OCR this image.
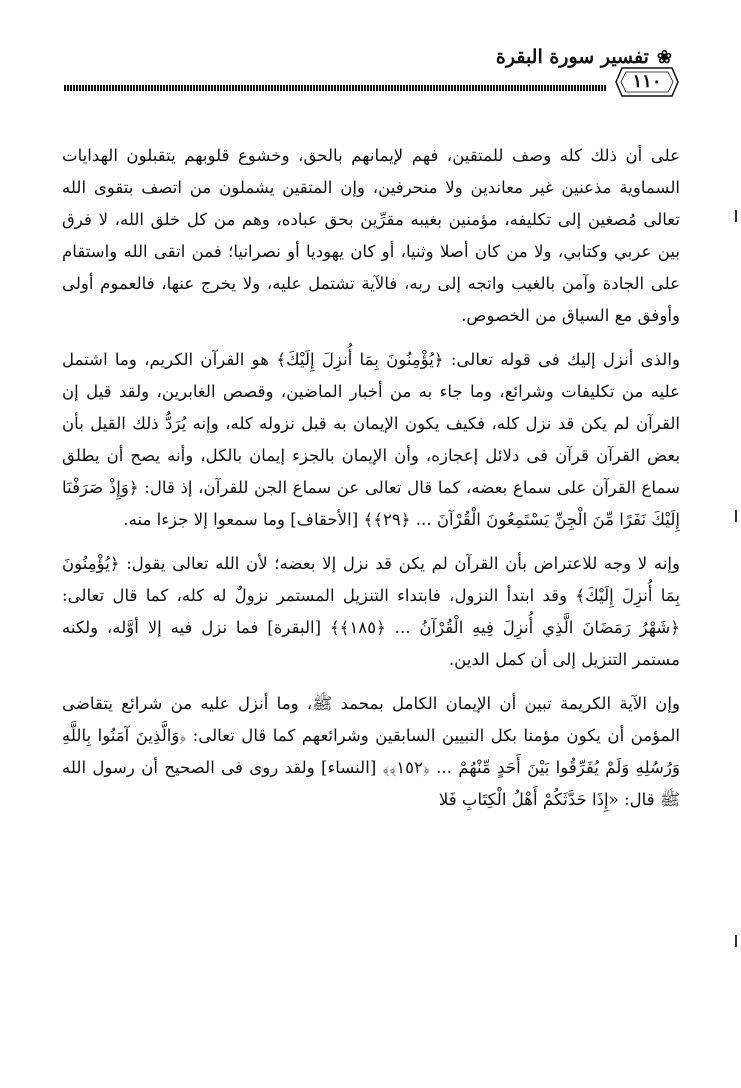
❀تفسير سورة البقرة
١١٠

على أن ذلك كله وصف للمتقين، فهم لإيمانهم بالحق، وخشوع قلوبهم يتقبلون الهدايات السماوية مذعنين غير معاندين ولا منحرفين، وإن المتقين يشملون من اتصف بتقوى الله تعالى مُصغين إلى تكليفه، مؤمنين بغيبه مقرِّين بحق عباده، وهم من كل خلق الله، لا فرق بين عربي وكتابي، ولا من كان أصلا وثنيا، أو كان يهوديا أو نصرانيا؛ فمن اتقى الله واستقام على الجادة وآمن بالغيب واتجه إلى ربه، فالآية تشتمل عليه، ولا يخرج عنها، فالعموم أولى وأوفق مع السياق من الخصوص.

والذى أنزل إليك فى قوله تعالى: ﴿يُؤْمِنُونَ بِمَا أُنزِلَ إِلَيْكَ﴾ هو القرآن الكريم، وما اشتمل عليه من تكليفات وشرائع، وما جاء به من أخبار الماضين، وقصص الغابرين، ولقد قيل إن القرآن لم يكن قد نزل كله، فكيف يكون الإيمان به قبل نزوله كله، وإنه يُرَدُّ ذلك القيل بأن بعض القرآن قرآن فى دلائل إعجازه، وأن الإيمان بالجزء إيمان بالكل، وأنه يصح أن يطلق سماع القرآن على سماع بعضه، كما قال تعالى عن سماع الجن للقرآن، إذ قال: ﴿وَإِذْ صَرَفْنَا إِلَيْكَ نَفَرًا مِّنَ الْجِنِّ يَسْتَمِعُونَ الْقُرْآنَ ... ﴿٢٩﴾﴾ [الأحقاف] وما سمعوا إلا جزءا منه.

وإنه لا وجه للاعتراض بأن القرآن لم يكن قد نزل إلا بعضه؛ لأن الله تعالى يقول: ﴿يُؤْمِنُونَ بِمَا أُنزِلَ إِلَيْكَ﴾ وقد ابتدأ النزول، فابتداء التنزيل المستمر نزولٌ له كله، كما قال تعالى: ﴿شَهْرُ رَمَضَانَ الَّذِي أُنزِلَ فِيهِ الْقُرْآنُ ... ﴿١٨٥﴾﴾ [البقرة] فما نزل فيه إلا أوَّله، ولكنه مستمر التنزيل إلى أن كمل الدين.

وإن الآية الكريمة تبين أن الإيمان الكامل بمحمد ﷺ، وما أنزل عليه من شرائع يتقاضى المؤمن أن يكون مؤمنا بكل النبيين السابقين وشرائعهم كما قال تعالى: ﴿وَالَّذِينَ آمَنُوا بِاللَّهِ وَرُسُلِهِ وَلَمْ يُفَرِّقُوا بَيْنَ أَحَدٍ مِّنْهُمْ ... ﴿١٥٢﴾﴾ [النساء] ولقد روى فى الصحيح أن رسول الله ﷺ قال: «إِذَا حَدَّثَكُمْ أَهْلُ الْكِتَابِ فَلا
